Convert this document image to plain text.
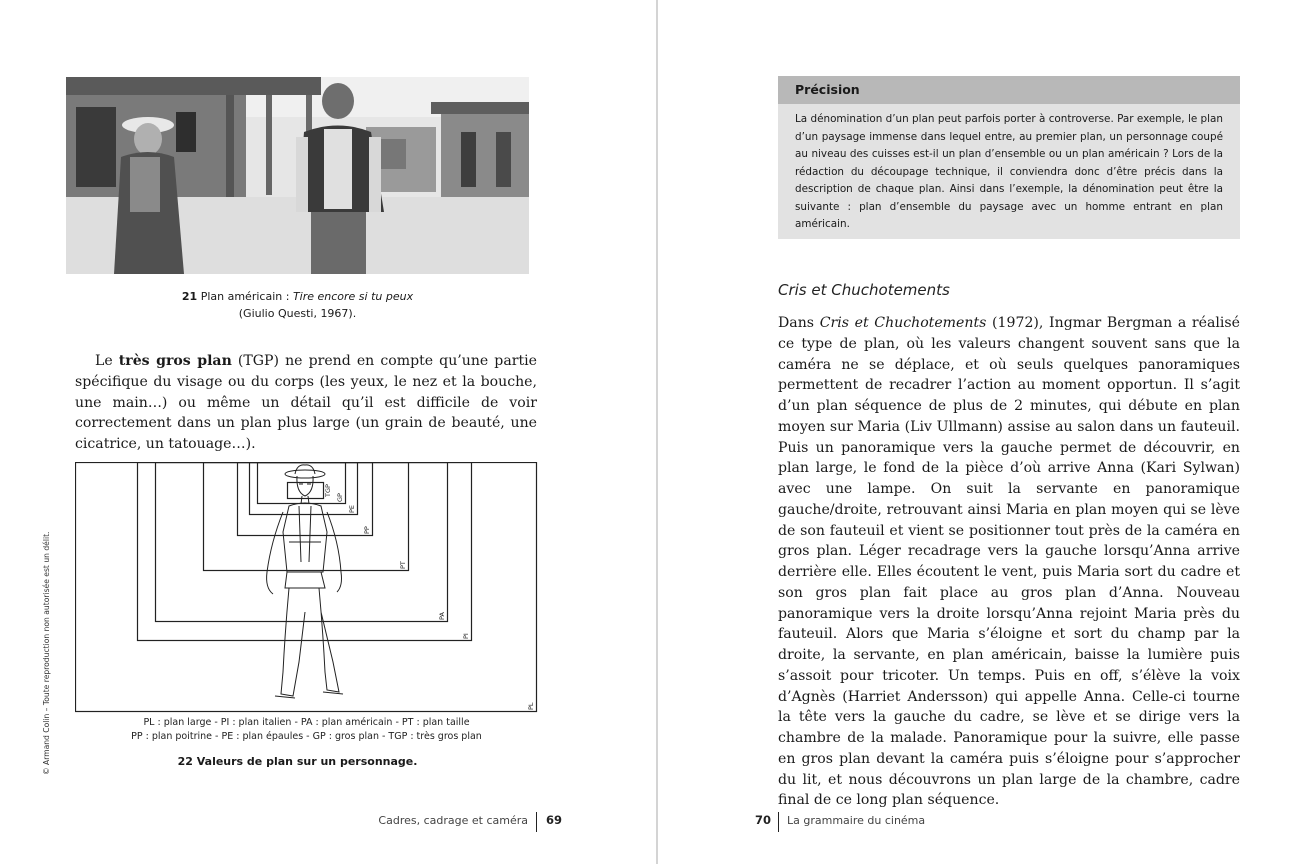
21 Plan américain : Tire encore si tu peux
(Giulio Questi, 1967).

Le très gros plan (TGP) ne prend en compte qu’une partie spécifique du visage ou du corps (les yeux, le nez et la bouche, une main…) ou même un détail qu’il est difficile de voir correctement dans un plan plus large (un grain de beauté, une cicatrice, un tatouage…).

TGP
GP
PE
PP
PT
PA
PI
PL
PL : plan large - PI : plan italien - PA : plan américain - PT : plan taille
PP : plan poitrine - PE : plan épaules - GP : gros plan - TGP : très gros plan
22 Valeurs de plan sur un personnage.
© Armand Colin – Toute reproduction non autorisée est un délit.
Cadres, cadrage et caméra 69
Précision

La dénomination d’un plan peut parfois porter à controverse. Par exemple, le plan d’un paysage immense dans lequel entre, au premier plan, un personnage coupé au niveau des cuisses est-il un plan d’ensemble ou un plan américain ? Lors de la rédaction du découpage technique, il conviendra donc d’être précis dans la description de chaque plan. Ainsi dans l’exemple, la dénomination peut être la suivante : plan d’ensemble du paysage avec un homme entrant en plan américain.

Cris et Chuchotements

Dans Cris et Chuchotements (1972), Ingmar Bergman a réalisé ce type de plan, où les valeurs changent souvent sans que la caméra ne se déplace, et où seuls quelques panoramiques permettent de recadrer l’action au moment opportun. Il s’agit d’un plan séquence de plus de 2 minutes, qui débute en plan moyen sur Maria (Liv Ullmann) assise au salon dans un fauteuil. Puis un panoramique vers la gauche permet de découvrir, en plan large, le fond de la pièce d’où arrive Anna (Kari Sylwan) avec une lampe. On suit la servante en panoramique gauche/droite, retrouvant ainsi Maria en plan moyen qui se lève de son fauteuil et vient se positionner tout près de la caméra en gros plan. Léger recadrage vers la gauche lorsqu’Anna arrive derrière elle. Elles écoutent le vent, puis Maria sort du cadre et son gros plan fait place au gros plan d’Anna. Nouveau panoramique vers la droite lorsqu’Anna rejoint Maria près du fauteuil. Alors que Maria s’éloigne et sort du champ par la droite, la servante, en plan américain, baisse la lumière puis s’assoit pour tricoter. Un temps. Puis en off, s’élève la voix d’Agnès (Harriet Andersson) qui appelle Anna. Celle-ci tourne la tête vers la gauche du cadre, se lève et se dirige vers la chambre de la malade. Panoramique pour la suivre, elle passe en gros plan devant la caméra puis s’éloigne pour s’approcher du lit, et nous découvrons un plan large de la chambre, cadre final de ce long plan séquence.

70 La grammaire du cinéma
